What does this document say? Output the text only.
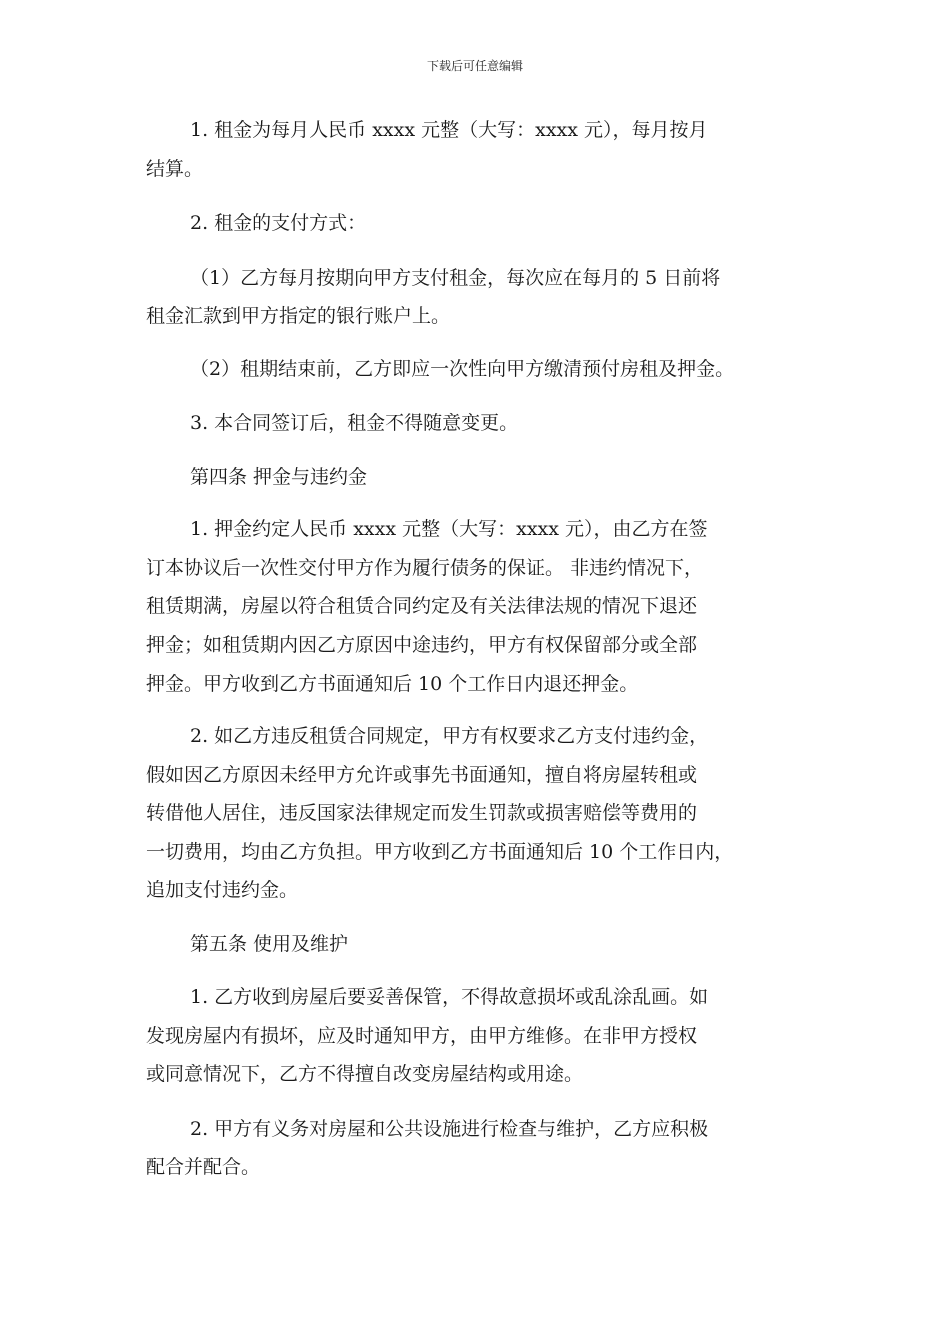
下载后可任意编辑
1. 租金为每月人民币 xxxx 元整（大写：xxxx 元），每月按月
结算。
2. 租金的支付方式：
（1）乙方每月按期向甲方支付租金，每次应在每月的 5 日前将
租金汇款到甲方指定的银行账户上。
（2）租期结束前，乙方即应一次性向甲方缴清预付房租及押金。
3. 本合同签订后，租金不得随意变更。
第四条 押金与违约金
1. 押金约定人民币 xxxx 元整（大写：xxxx 元），由乙方在签
订本协议后一次性交付甲方作为履行债务的保证。 非违约情况下，
租赁期满，房屋以符合租赁合同约定及有关法律法规的情况下退还
押金；如租赁期内因乙方原因中途违约，甲方有权保留部分或全部
押金。甲方收到乙方书面通知后 10 个工作日内退还押金。
2. 如乙方违反租赁合同规定，甲方有权要求乙方支付违约金，
假如因乙方原因未经甲方允许或事先书面通知，擅自将房屋转租或
转借他人居住，违反国家法律规定而发生罚款或损害赔偿等费用的
一切费用，均由乙方负担。甲方收到乙方书面通知后 10 个工作日内，
追加支付违约金。
第五条 使用及维护
1. 乙方收到房屋后要妥善保管，不得故意损坏或乱涂乱画。如
发现房屋内有损坏，应及时通知甲方，由甲方维修。在非甲方授权
或同意情况下，乙方不得擅自改变房屋结构或用途。
2. 甲方有义务对房屋和公共设施进行检查与维护，乙方应积极
配合并配合。
